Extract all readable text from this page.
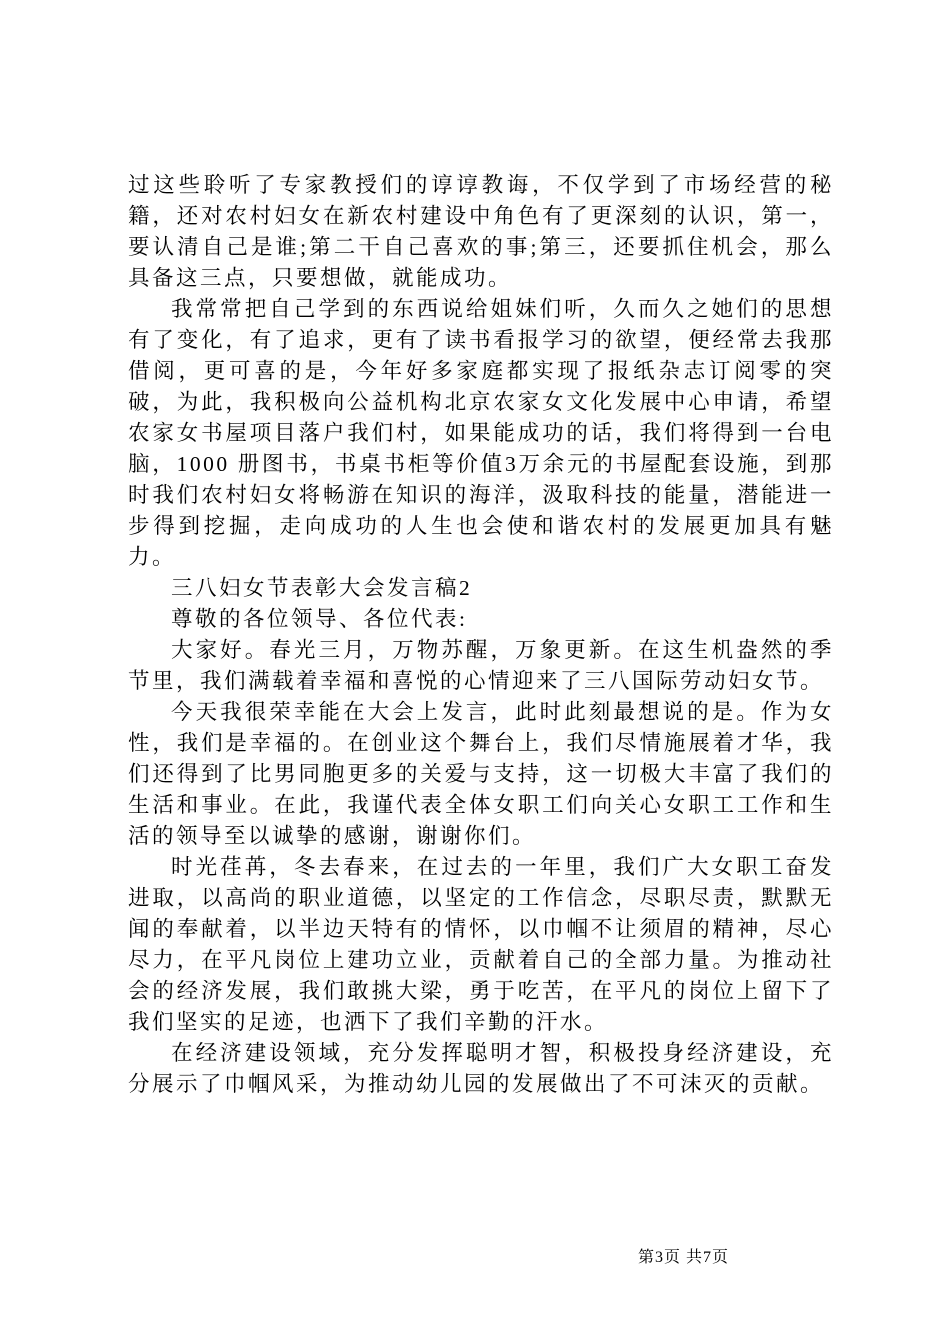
过这些聆听了专家教授们的谆谆教诲，不仅学到了市场经营的秘籍，还对农村妇女在新农村建设中角色有了更深刻的认识，第一，要认清自己是谁;第二干自己喜欢的事;第三，还要抓住机会，那么具备这三点，只要想做，就能成功。

我常常把自己学到的东西说给姐妹们听，久而久之她们的思想有了变化，有了追求，更有了读书看报学习的欲望，便经常去我那借阅，更可喜的是，今年好多家庭都实现了报纸杂志订阅零的突破，为此，我积极向公益机构北京农家女文化发展中心申请，希望农家女书屋项目落户我们村，如果能成功的话，我们将得到一台电脑，1000 册图书，书桌书柜等价值3万余元的书屋配套设施，到那时我们农村妇女将畅游在知识的海洋，汲取科技的能量，潜能进一步得到挖掘，走向成功的人生也会使和谐农村的发展更加具有魅力。

三八妇女节表彰大会发言稿2

尊敬的各位领导、各位代表:

大家好。春光三月，万物苏醒，万象更新。在这生机盎然的季节里，我们满载着幸福和喜悦的心情迎来了三八国际劳动妇女节。

今天我很荣幸能在大会上发言，此时此刻最想说的是。作为女性，我们是幸福的。在创业这个舞台上，我们尽情施展着才华，我们还得到了比男同胞更多的关爱与支持，这一切极大丰富了我们的生活和事业。在此，我谨代表全体女职工们向关心女职工工作和生活的领导至以诚挚的感谢，谢谢你们。

时光荏苒，冬去春来，在过去的一年里，我们广大女职工奋发进取，以高尚的职业道德，以坚定的工作信念，尽职尽责，默默无闻的奉献着，以半边天特有的情怀，以巾帼不让须眉的精神，尽心尽力，在平凡岗位上建功立业，贡献着自己的全部力量。为推动社会的经济发展，我们敢挑大梁，勇于吃苦，在平凡的岗位上留下了我们坚实的足迹，也洒下了我们辛勤的汗水。

在经济建设领域，充分发挥聪明才智，积极投身经济建设，充分展示了巾帼风采，为推动幼儿园的发展做出了不可沫灭的贡献。

第3页 共7页
